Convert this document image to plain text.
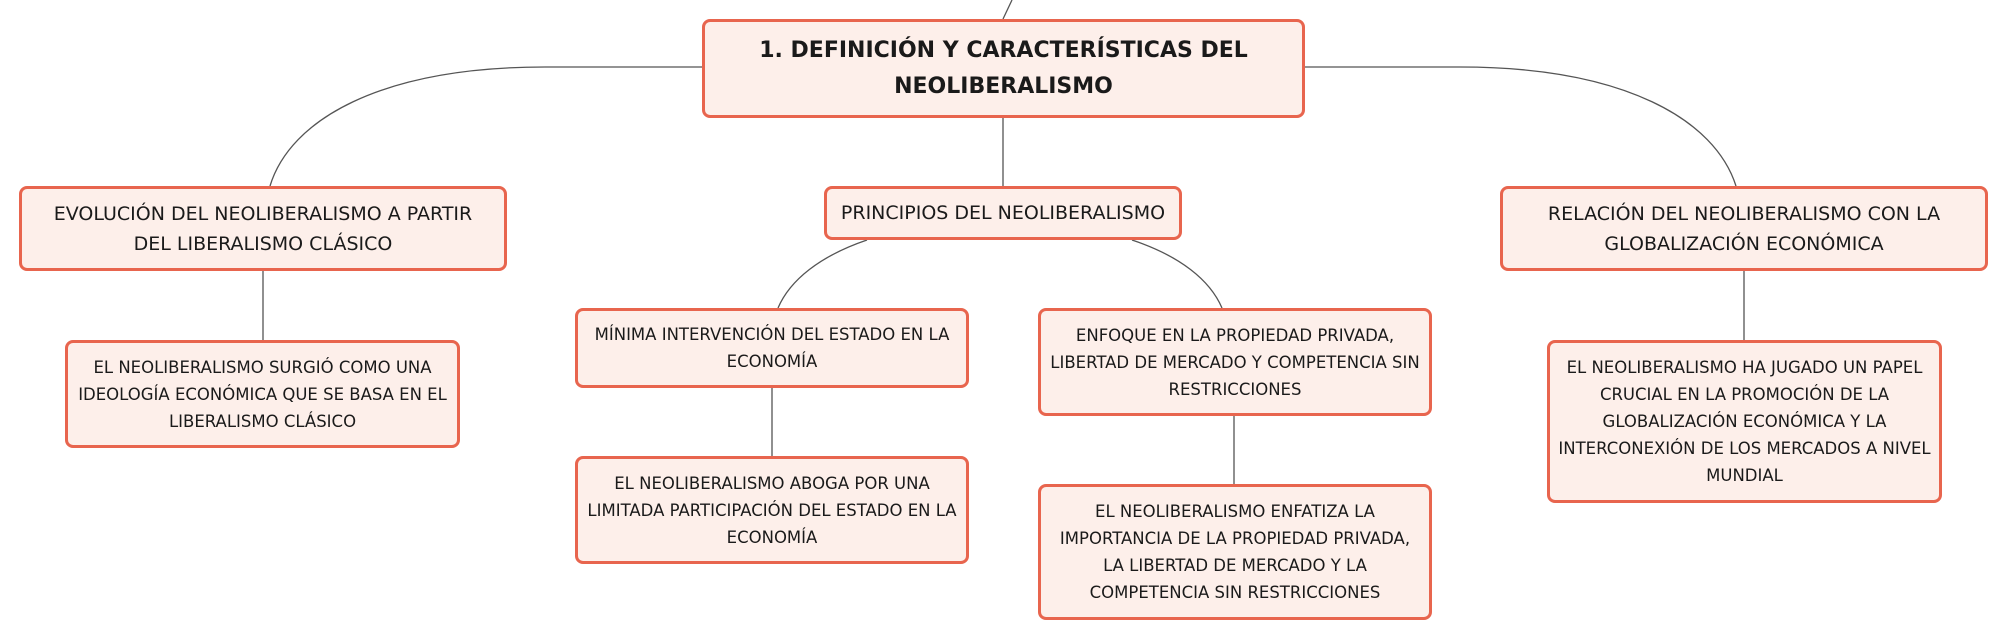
1. DEFINICIÓN Y CARACTERÍSTICAS DEL NEOLIBERALISMO
EVOLUCIÓN DEL NEOLIBERALISMO A PARTIR DEL LIBERALISMO CLÁSICO
PRINCIPIOS DEL NEOLIBERALISMO	RELACIÓN DEL NEOLIBERALISMO CON LA GLOBALIZACIÓN ECONÓMICA
EL NEOLIBERALISMO SURGIÓ COMO UNA IDEOLOGÍA ECONÓMICA QUE SE BASA EN EL LIBERALISMO CLÁSICO
MÍNIMA INTERVENCIÓN DEL ESTADO EN LA ECONOMÍA
EL NEOLIBERALISMO ABOGA POR UNA LIMITADA PARTICIPACIÓN DEL ESTADO EN LA ECONOMÍA
ENFOQUE EN LA PROPIEDAD PRIVADA, LIBERTAD DE MERCADO Y COMPETENCIA SIN RESTRICCIONES
EL NEOLIBERALISMO ENFATIZA LA IMPORTANCIA DE LA PROPIEDAD PRIVADA, LA LIBERTAD DE MERCADO Y LA COMPETENCIA SIN RESTRICCIONES
EL NEOLIBERALISMO HA JUGADO UN PAPEL CRUCIAL EN LA PROMOCIÓN DE LA GLOBALIZACIÓN ECONÓMICA Y LA INTERCONEXIÓN DE LOS MERCADOS A NIVEL MUNDIAL
